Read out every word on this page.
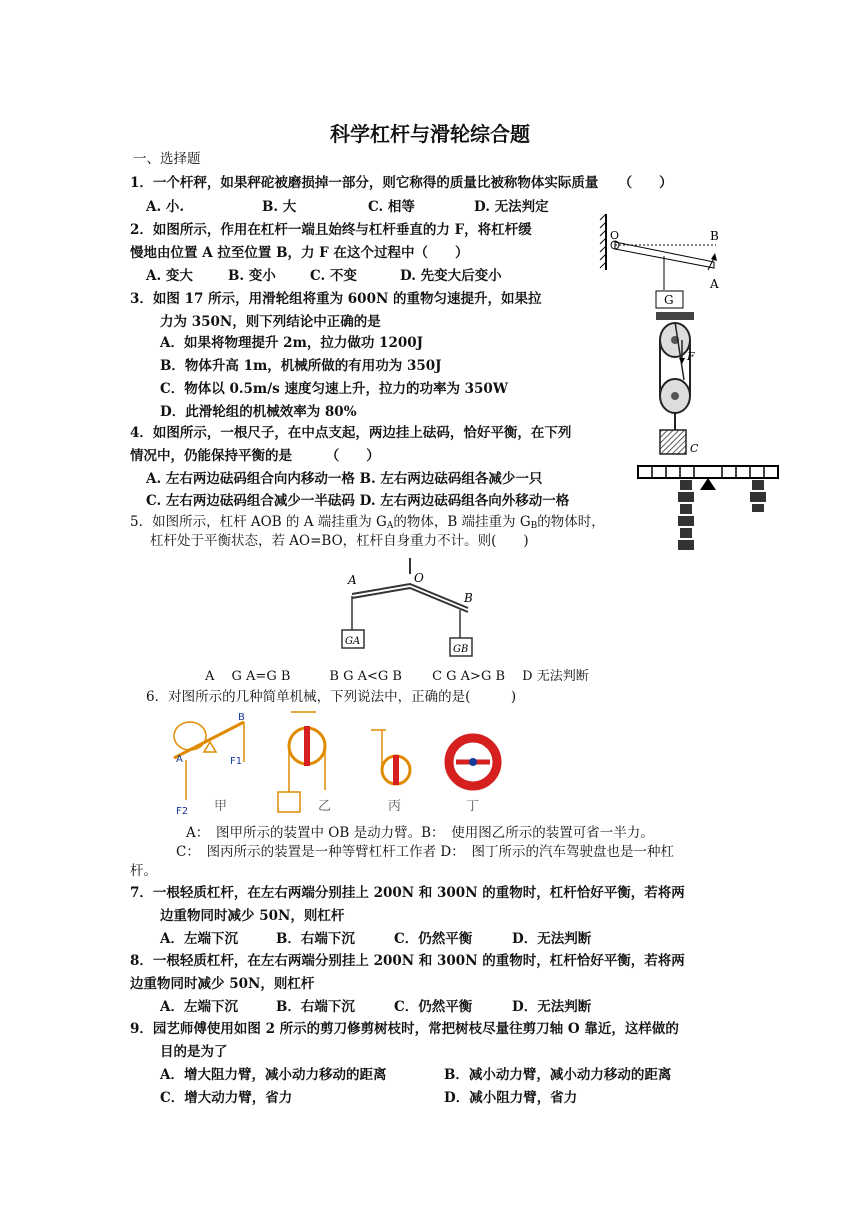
科学杠杆与滑轮综合题
一、选择题
1．一个杆秤，如果秤砣被磨损掉一部分，则它称得的质量比被称物体实际质量　　（　　）
A. 小.	B. 大	C. 相等	D. 无法判定
2．如图所示，作用在杠杆一端且始终与杠杆垂直的力 F，将杠杆缓
慢地由位置 A 拉至位置 B，力 F 在这个过程中（　　）
A. 变大	B. 变小	C. 不变	D. 先变大后变小
O	B
A
G
3．如图 17 所示，用滑轮组将重为 600N 的重物匀速提升，如果拉
力为 350N，则下列结论中正确的是
A．如果将物理提升 2m，拉力做功 1200J
B．物体升高 1m，机械所做的有用功为 350J
C．物体以 0.5m/s 速度匀速上升，拉力的功率为 350W
D．此滑轮组的机械效率为 80%
F
C
4．如图所示，一根尺子，在中点支起，两边挂上砝码，恰好平衡，在下列
情况中，仍能保持平衡的是　　　（　　）
A. 左右两边砝码组合向内移动一格 B. 左右两边砝码组各减少一只
C. 左右两边砝码组合减少一半砝码 D. 左右两边砝码组各向外移动一格
5．如图所示，杠杆 AOB 的 A 端挂重为 $G_A$的物体，B 端挂重为 $G_B$的物体时，
杠杆处于平衡状态，若 AO=BO，杠杆自身重力不计。则(　　)
A	O
B
GA
GB
A　 G A=G B　　　B G A<G B　　 C G A>G B　 D 无法判断
6．对图所示的几种简单机械，下列说法中，正确的是(　　　)
B
A	F1
F2 甲	乙	丙	丁
A：　图甲所示的装置中 OB 是动力臂。B：　使用图乙所示的装置可省一半力。
C：　图丙所示的装置是一种等臂杠杆工作者 D：　图丁所示的汽车驾驶盘也是一种杠
杆。
7．一根轻质杠杆，在左右两端分别挂上 200N 和 300N 的重物时，杠杆恰好平衡，若将两
边重物同时减少 50N，则杠杆
A．左端下沉	B．右端下沉	C．仍然平衡	D．无法判断
8．一根轻质杠杆，在左右两端分别挂上 200N 和 300N 的重物时，杠杆恰好平衡，若将两
边重物同时减少 50N，则杠杆
A．左端下沉	B．右端下沉	C．仍然平衡	D．无法判断
9．园艺师傅使用如图 2 所示的剪刀修剪树枝时，常把树枝尽量往剪刀轴 O 靠近，这样做的
目的是为了
A．增大阻力臂，减小动力移动的距离	B．减小动力臂，减小动力移动的距离
C．增大动力臂，省力	D．减小阻力臂，省力
